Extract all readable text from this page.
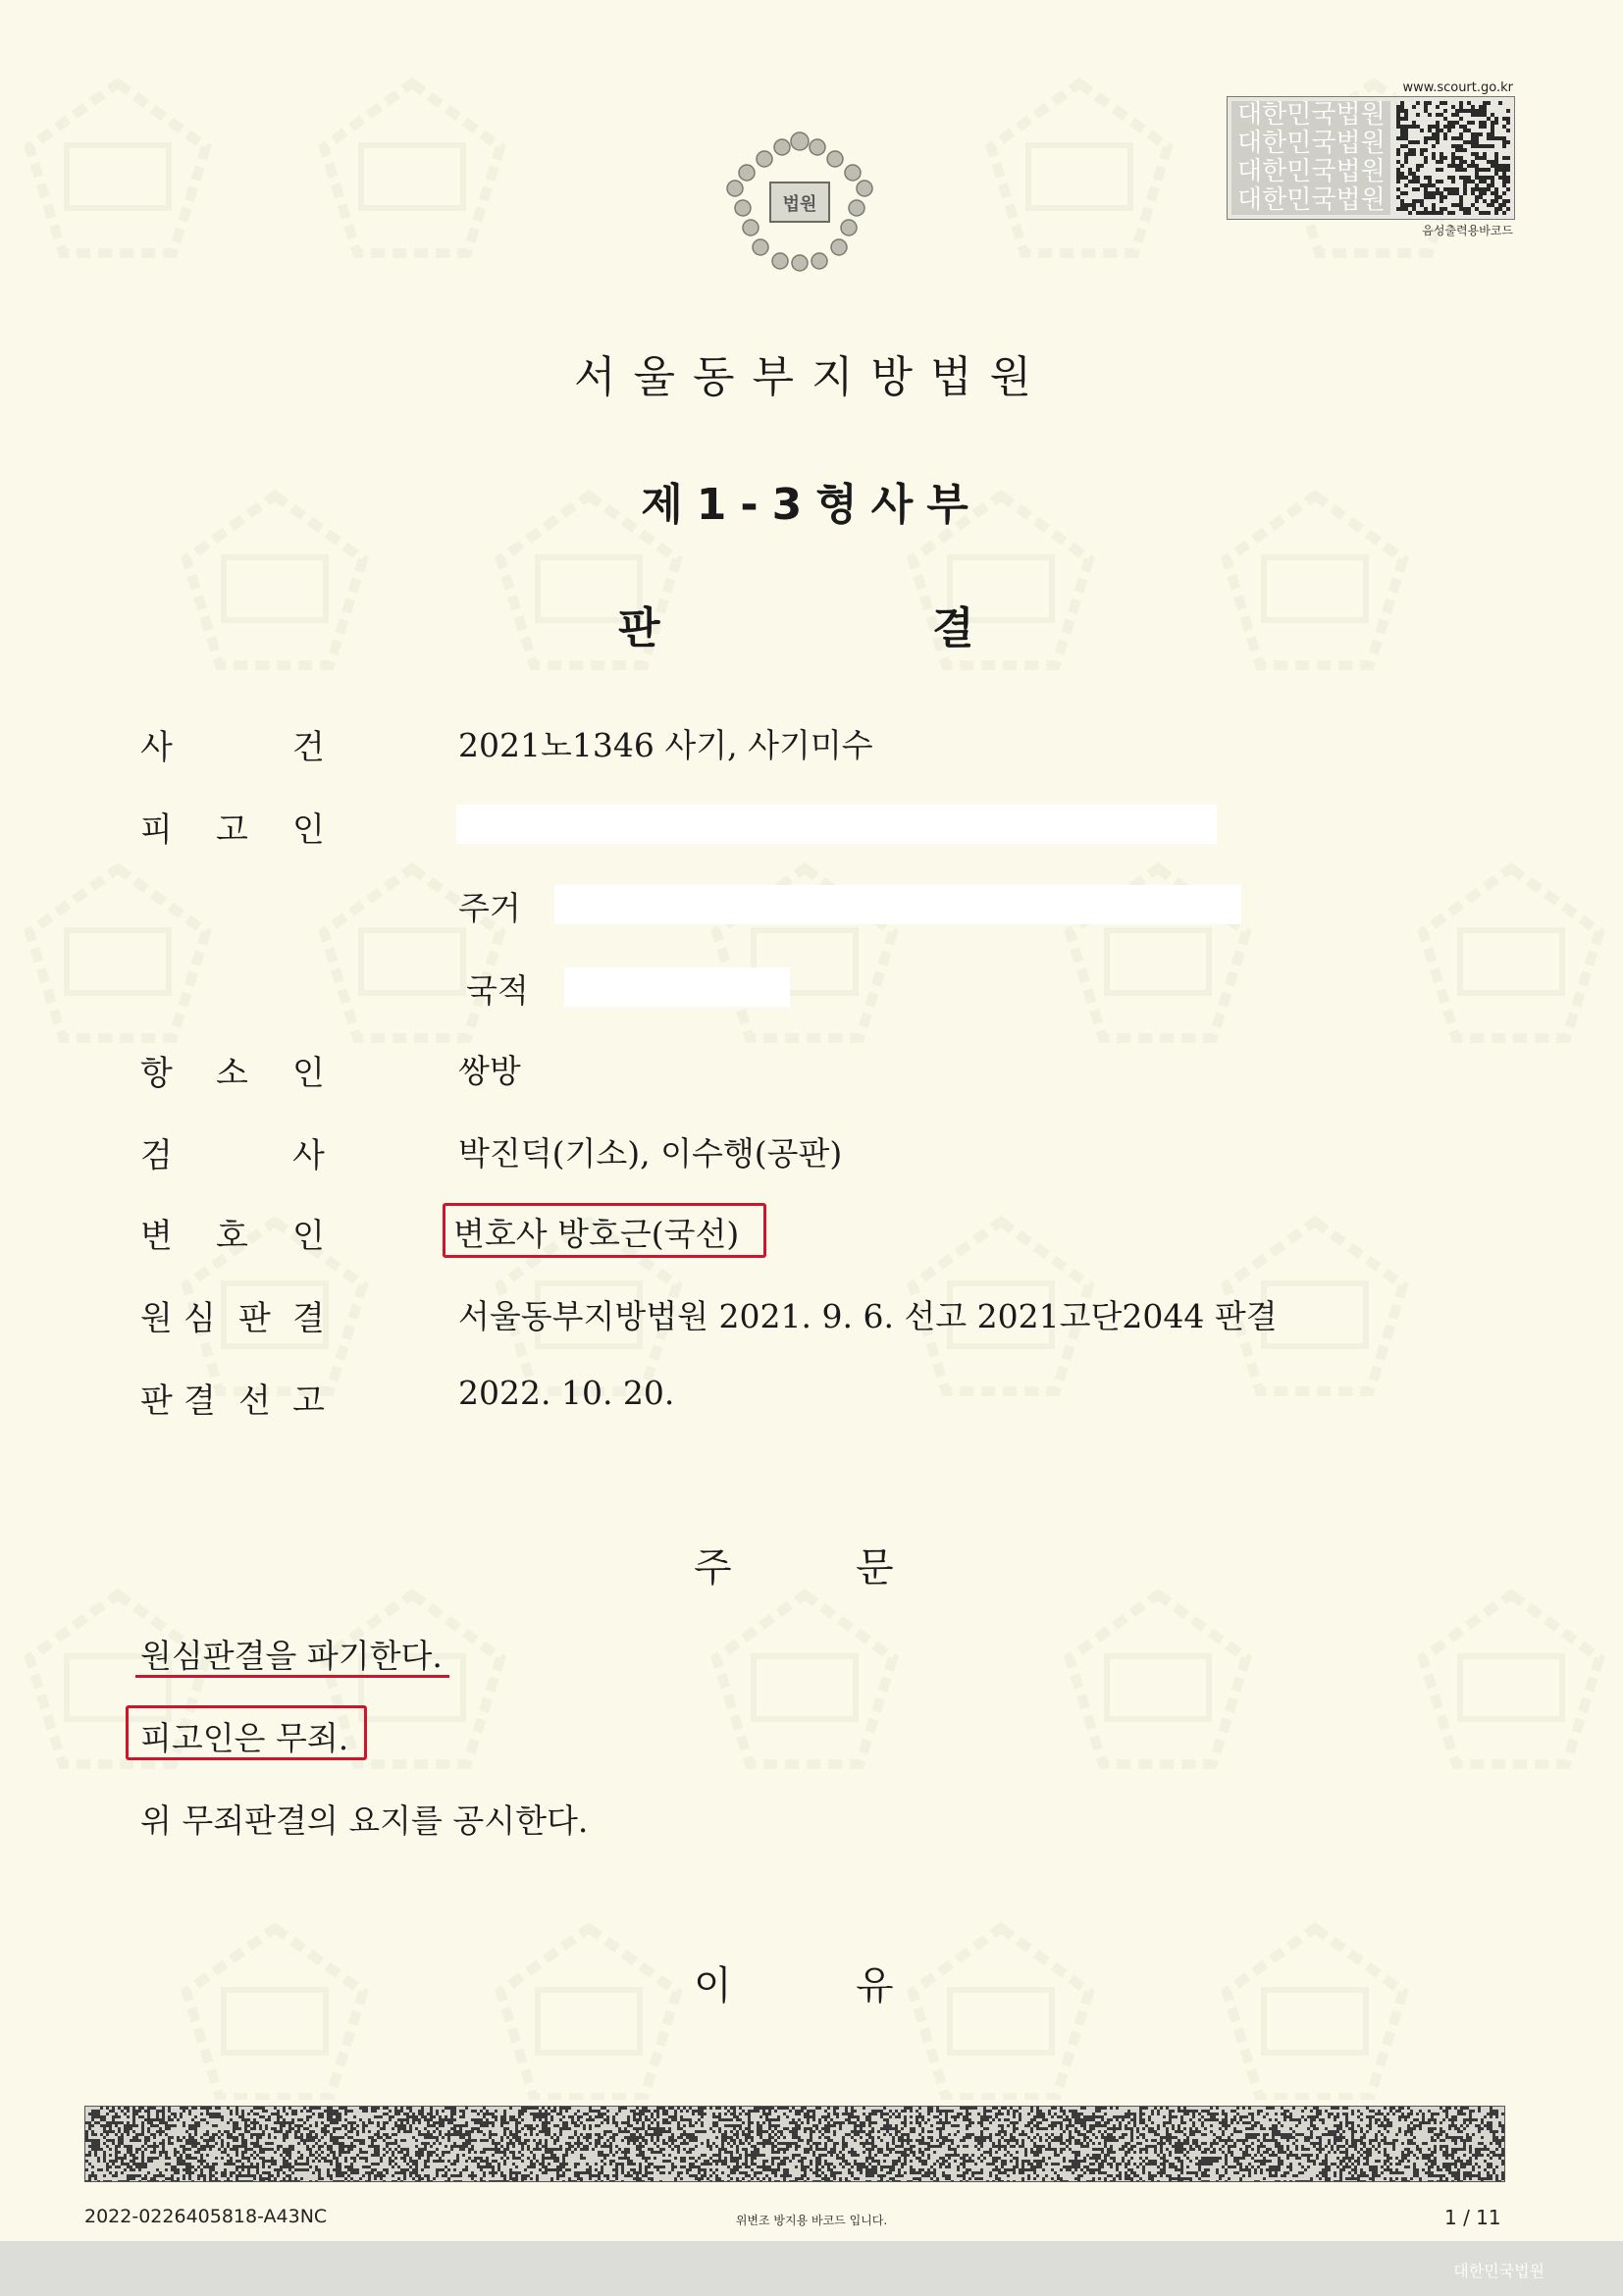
법원
www.scourt.go.kr
대한민국법원
대한민국법원
대한민국법원
대한민국법원
음성출력용바코드
서울동부지방법원
제1-3형사부
판	결
사	건	2021노1346 사기, 사기미수
피 고 인
주거
국적
항 소 인	쌍방
검	사	박진덕(기소), 이수행(공판)
변 호 인	변호사 방호근(국선)
원 심 판 결	서울동부지방법원 2021. 9. 6. 선고 2021고단2044 판결
판 결 선 고	2022. 10. 20.
주	문
원심판결을 파기한다.
피고인은 무죄.
위 무죄판결의 요지를 공시한다.
이	유
2022-0226405818-A43NC	위변조 방지용 바코드 입니다.	1 / 11
대한민국법원
